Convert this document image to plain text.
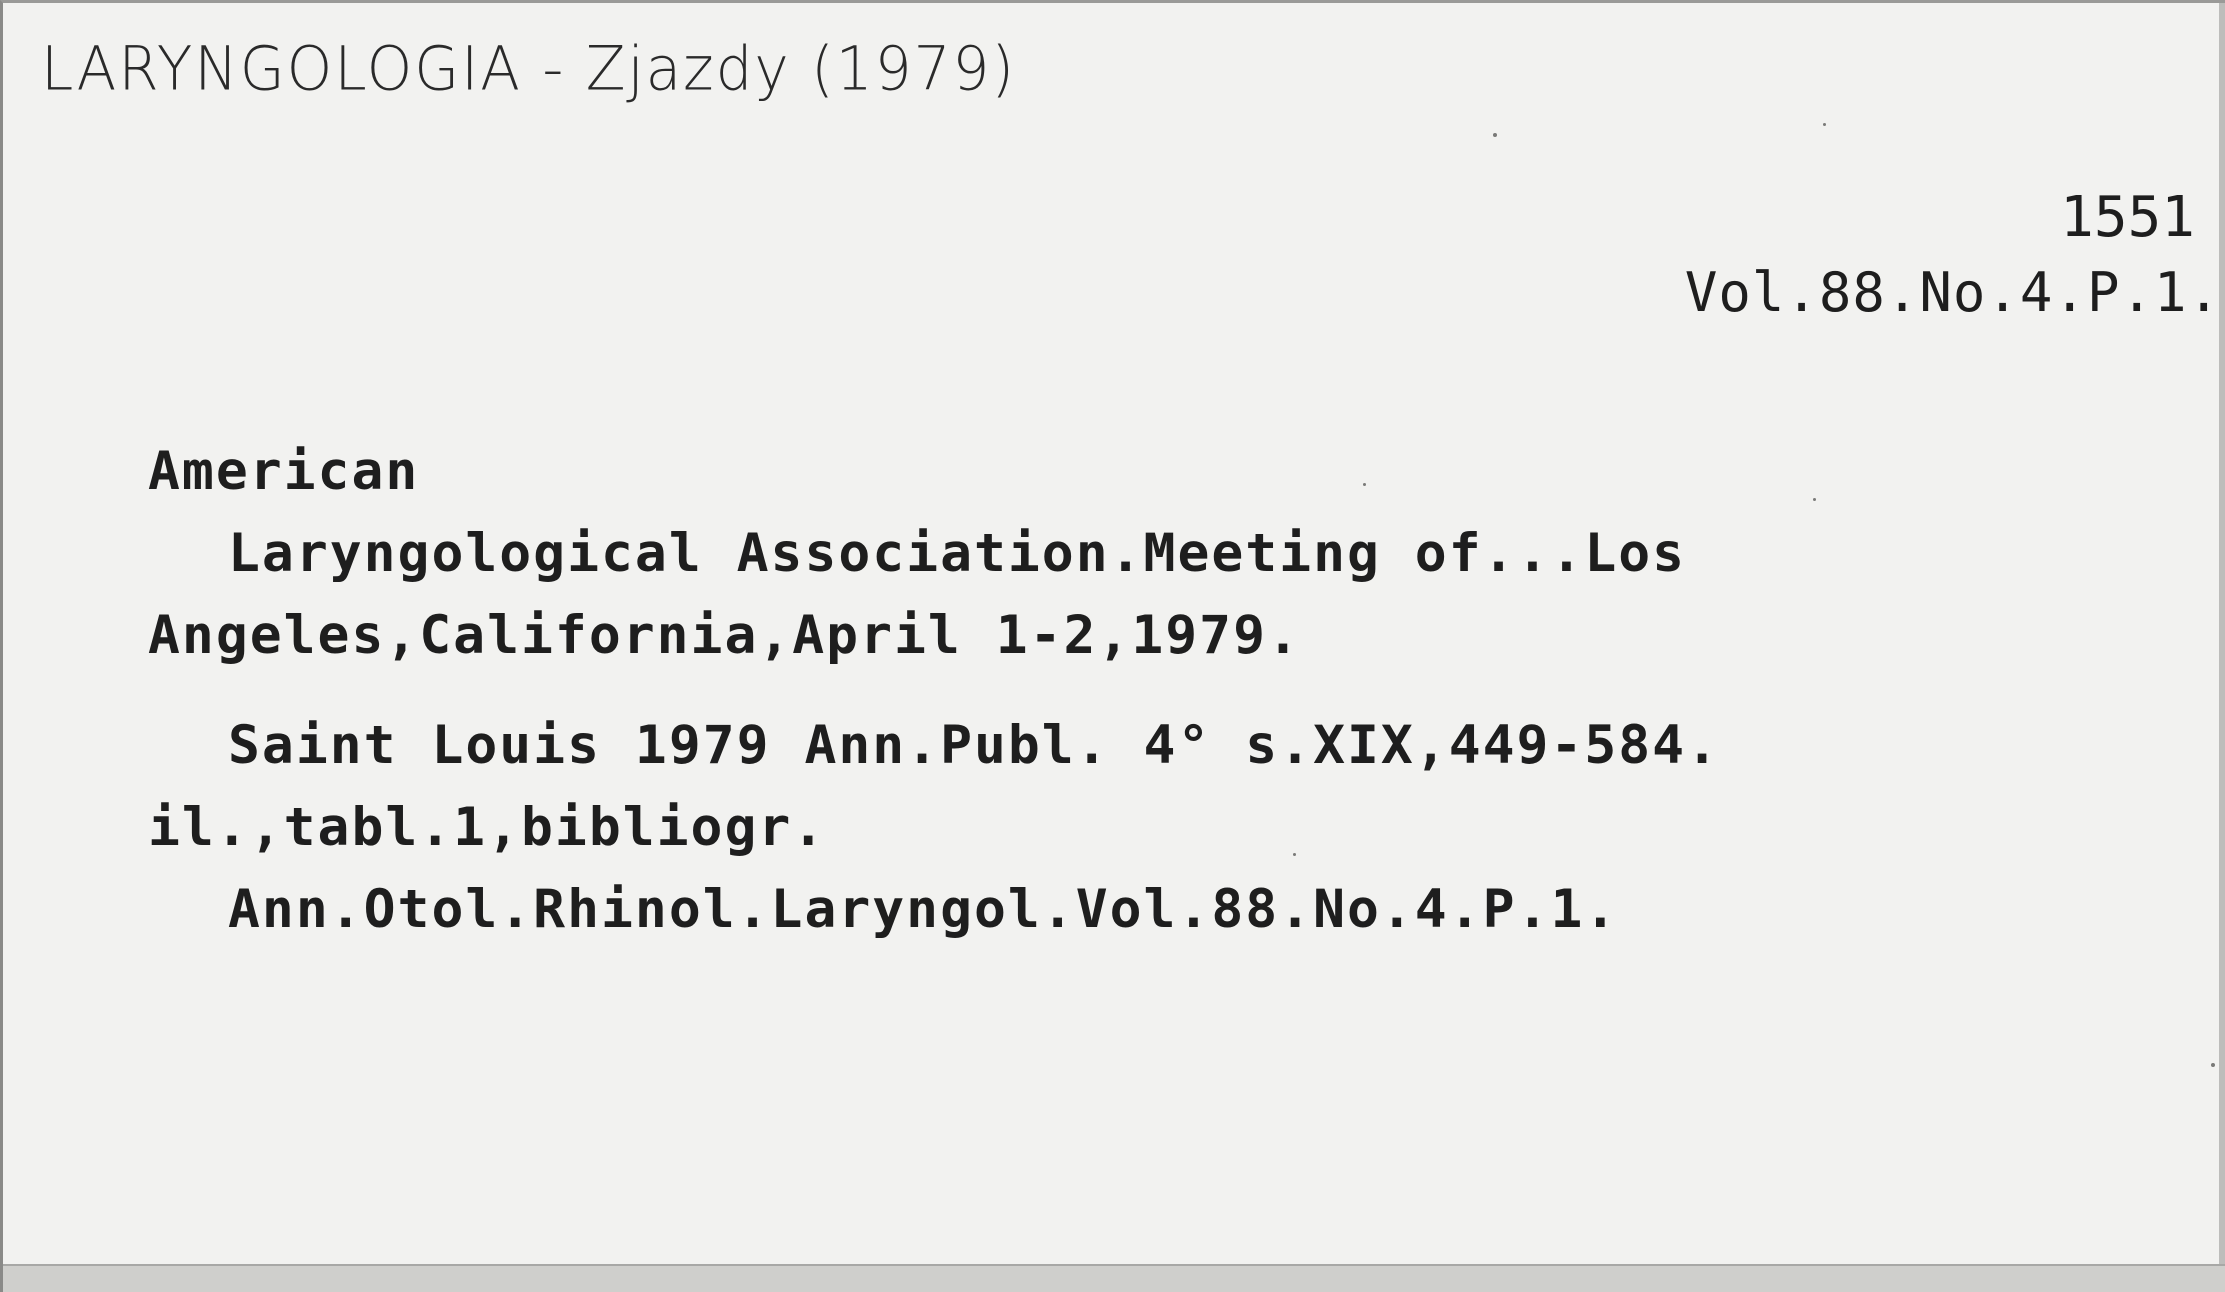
LARYNGOLOGIA - Zjazdy (1979)
1551
Vol.88.No.4.P.1.
American
Laryngological Association.Meeting of...Los
Angeles,California,April 1-2,1979.
Saint Louis 1979 Ann.Publ. 4° s.XIX,449-584.
il.,tabl.1,bibliogr.
Ann.Otol.Rhinol.Laryngol.Vol.88.No.4.P.1.
